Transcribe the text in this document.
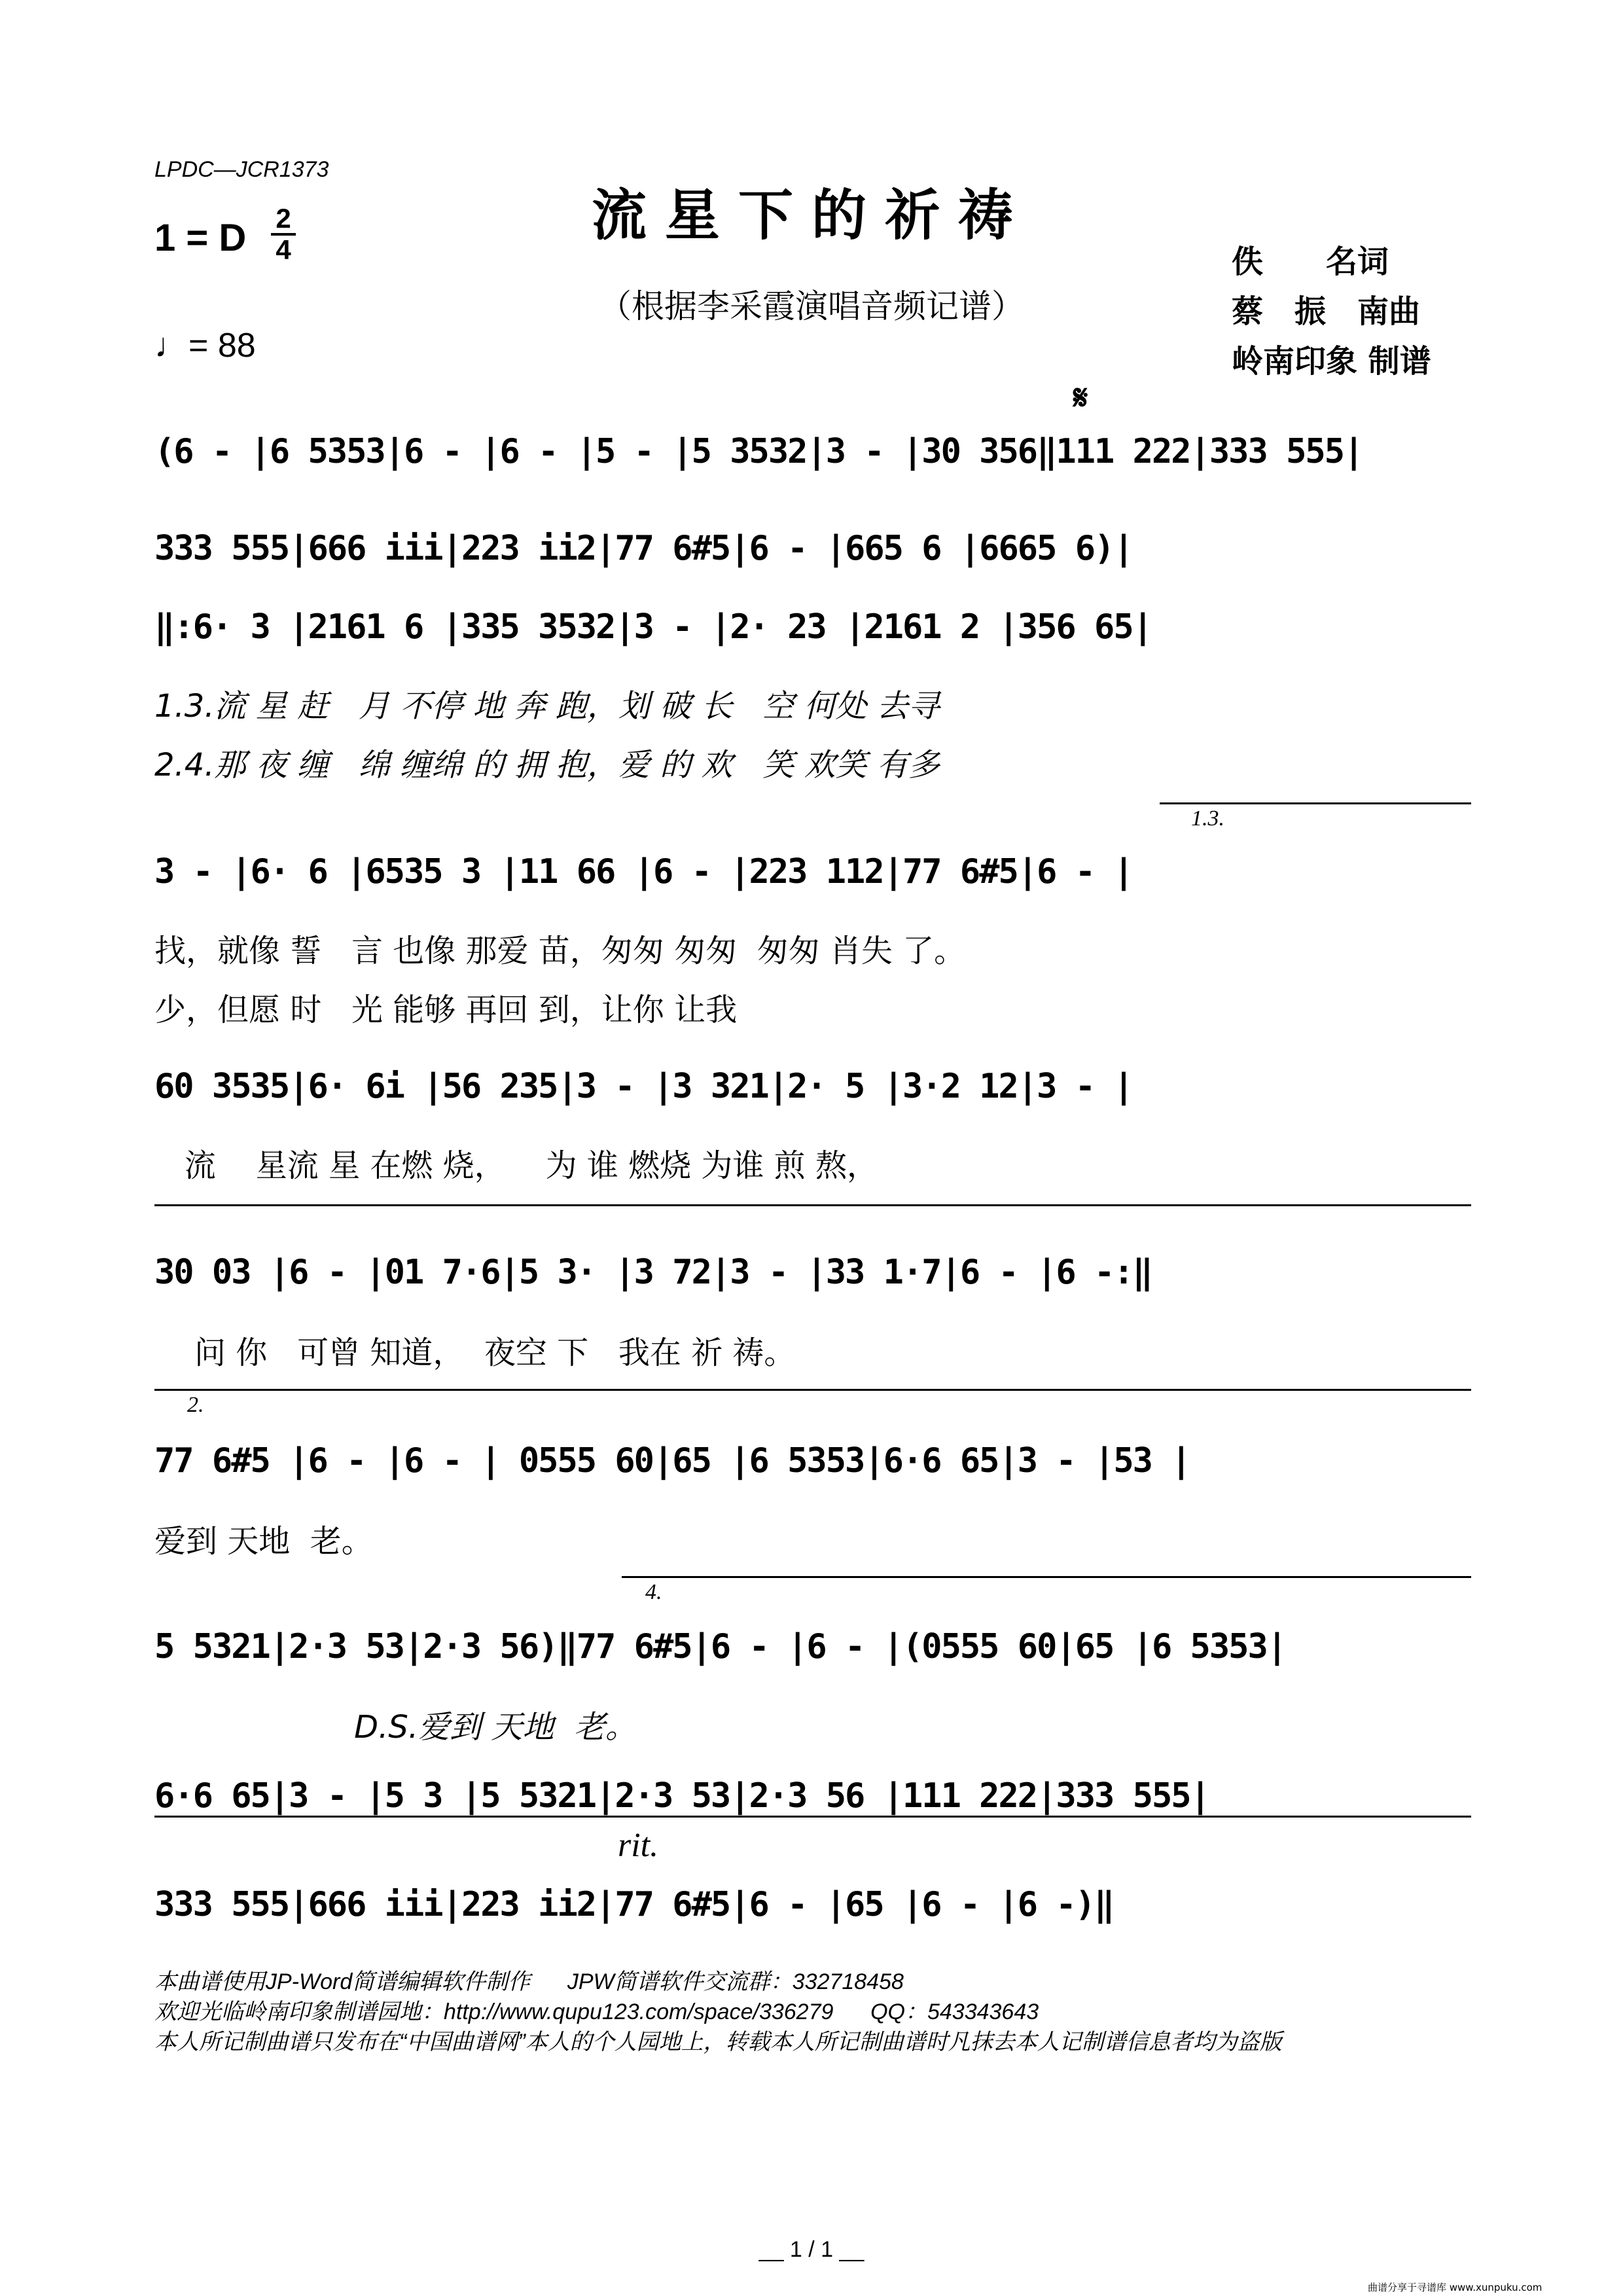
LPDC—JCR1373
流星下的祈祷
（根据李采霞演唱音频记谱）
1 = D 2
4
♩= 88
佚　　名词
蔡　振　南曲
岭南印象 制谱
𝄋
1.3.
2.
4.
rit.
(6 - |6 5353|6 - |6 - |5 - |5 3532|3 - |30 356‖111 222|333 555|
333 555|666 iii|223 ii2|77 6#5|6 - |665 6 |6665 6)|
‖:6· 3 |2161 6 |335 3532|3 - |2· 23 |2161 2 |356 65|
1.3.流 星 赶   月 不停 地 奔 跑，划 破 长   空 何处 去寻
2.4.那 夜 缠   绵 缠绵 的 拥 抱，爱 的 欢   笑 欢笑 有多
3 - |6· 6 |6535 3 |11 66 |6 - |223 112|77 6#5|6 - |
找，就像 誓   言 也像 那爱 苗，匆匆 匆匆  匆匆 肖失 了。
少，但愿 时   光 能够 再回 到，让你 让我
60 3535|6· 6i |56 235|3 - |3 321|2· 5 |3·2 12|3 - |
流    星流 星 在燃 烧，    为 谁 燃烧 为谁 煎 熬，
30 03 |6 - |01 7·6|5 3· |3 72|3 - |33 1·7|6 - |6 -:‖
问 你   可曾 知道，  夜空 下   我在 祈 祷。
77 6#5 |6 - |6 - | 0555 60|65 |6 5353|6·6 65|3 - |53 |
爱到 天地  老。
5 5321|2·3 53|2·3 56)‖77 6#5|6 - |6 - |(0555 60|65 |6 5353|
D.S.爱到 天地  老。
6·6 65|3 - |5 3 |5 5321|2·3 53|2·3 56 |111 222|333 555|
333 555|666 iii|223 ii2|77 6#5|6 - |65 |6 - |6 -)‖
本曲谱使用JP-Word简谱编辑软件制作      JPW简谱软件交流群：332718458
欢迎光临岭南印象制谱园地：http://www.qupu123.com/space/336279      QQ：543343643
本人所记制曲谱只发布在“中国曲谱网”本人的个人园地上，转载本人所记制曲谱时凡抹去本人记制谱信息者均为盗版
__ 1 / 1 __
曲谱分享于寻谱库 www.xunpuku.com
